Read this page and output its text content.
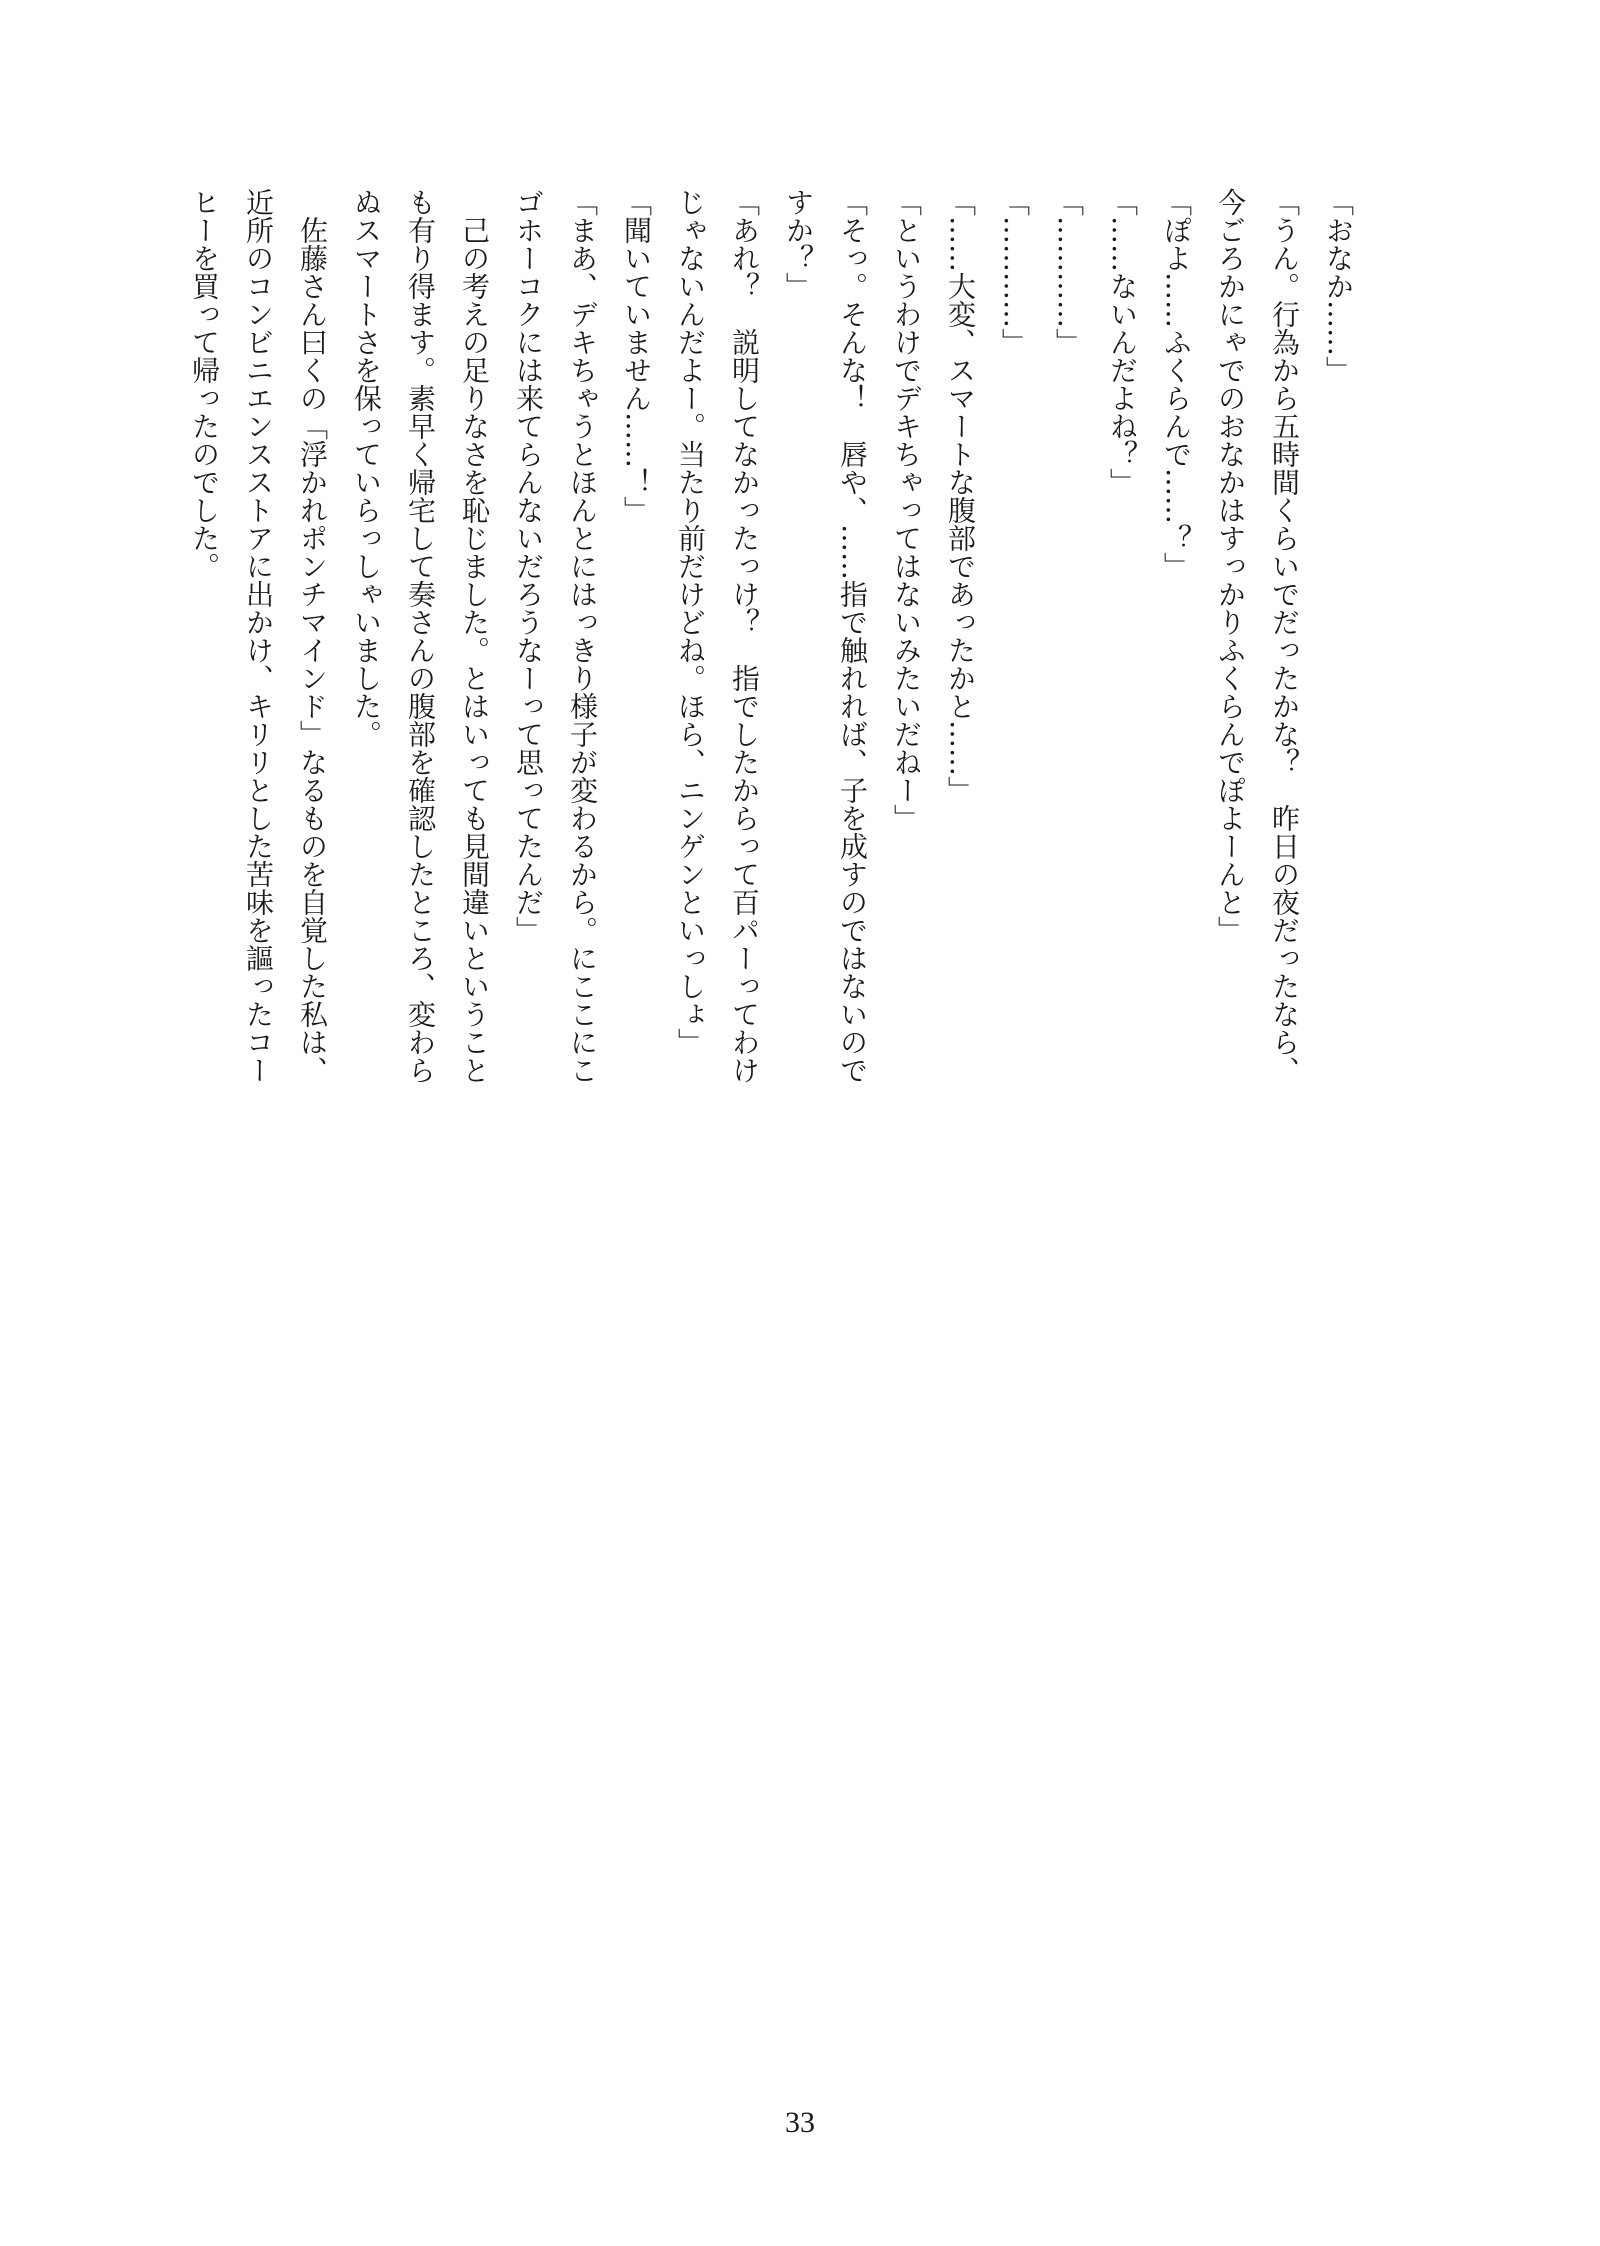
「おなか……」

「うん。行為から五時間くらいでだったかな？　昨日の夜だったなら、今ごろかにゃでのおなかはすっかりふくらんでぽよーんと」

「ぽよ……ふくらんで……？」

「……ないんだよね？」

「…………」

「…………」

「……大変、スマートな腹部であったかと……」

「というわけでデキちゃってはないみたいだねー」

「そっ。そんな！　唇や、……指で触れれば、子を成すのではないのですか？」

「あれ？　説明してなかったっけ？　指でしたからって百パーってわけじゃないんだよー。当たり前だけどね。ほら、ニンゲンといっしょ」

「聞いていません……！」

「まあ、デキちゃうとほんとにはっきり様子が変わるから。にここにこゴホーコクには来てらんないだろうなーって思ってたんだ」

　己の考えの足りなさを恥じました。とはいっても見間違いということも有り得ます。素早く帰宅して奏さんの腹部を確認したところ、変わらぬスマートさを保っていらっしゃいました。

　佐藤さん曰くの「浮かれポンチマインド」なるものを自覚した私は、近所のコンビニエンスストアに出かけ、キリリとした苦味を謳ったコーヒーを買って帰ったのでした。

33
